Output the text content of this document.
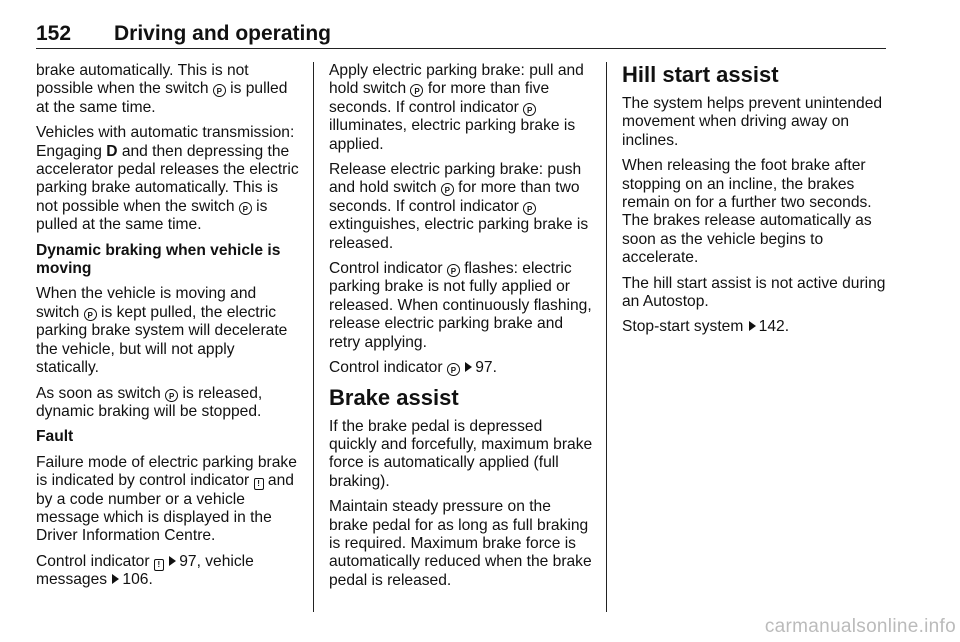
152 Driving and operating

brake automatically. This is not possible when the switch P is pulled at the same time.

Vehicles with automatic transmission: Engaging D and then depressing the accelerator pedal releases the electric parking brake automatically. This is not possible when the switch P is pulled at the same time.

Dynamic braking when vehicle is moving

When the vehicle is moving and switch P is kept pulled, the electric parking brake system will decelerate the vehicle, but will not apply statically.

As soon as switch P is released, dynamic braking will be stopped.

Fault

Failure mode of electric parking brake is indicated by control indicator ! and by a code number or a vehicle message which is displayed in the Driver Information Centre.

Control indicator ! 97, vehicle messages 106.

Apply electric parking brake: pull and hold switch P for more than five seconds. If control indicator P illuminates, electric parking brake is applied.

Release electric parking brake: push and hold switch P for more than two seconds. If control indicator P extinguishes, electric parking brake is released.

Control indicator P flashes: electric parking brake is not fully applied or released. When continuously flashing, release electric parking brake and retry applying.

Control indicator P 97.

Brake assist

If the brake pedal is depressed quickly and forcefully, maximum brake force is automatically applied (full braking).

Maintain steady pressure on the brake pedal for as long as full braking is required. Maximum brake force is automatically reduced when the brake pedal is released.

Hill start assist

The system helps prevent unintended movement when driving away on inclines.

When releasing the foot brake after stopping on an incline, the brakes remain on for a further two seconds. The brakes release automatically as soon as the vehicle begins to accelerate.

The hill start assist is not active during an Autostop.

Stop-start system 142.

carmanualsonline.info
